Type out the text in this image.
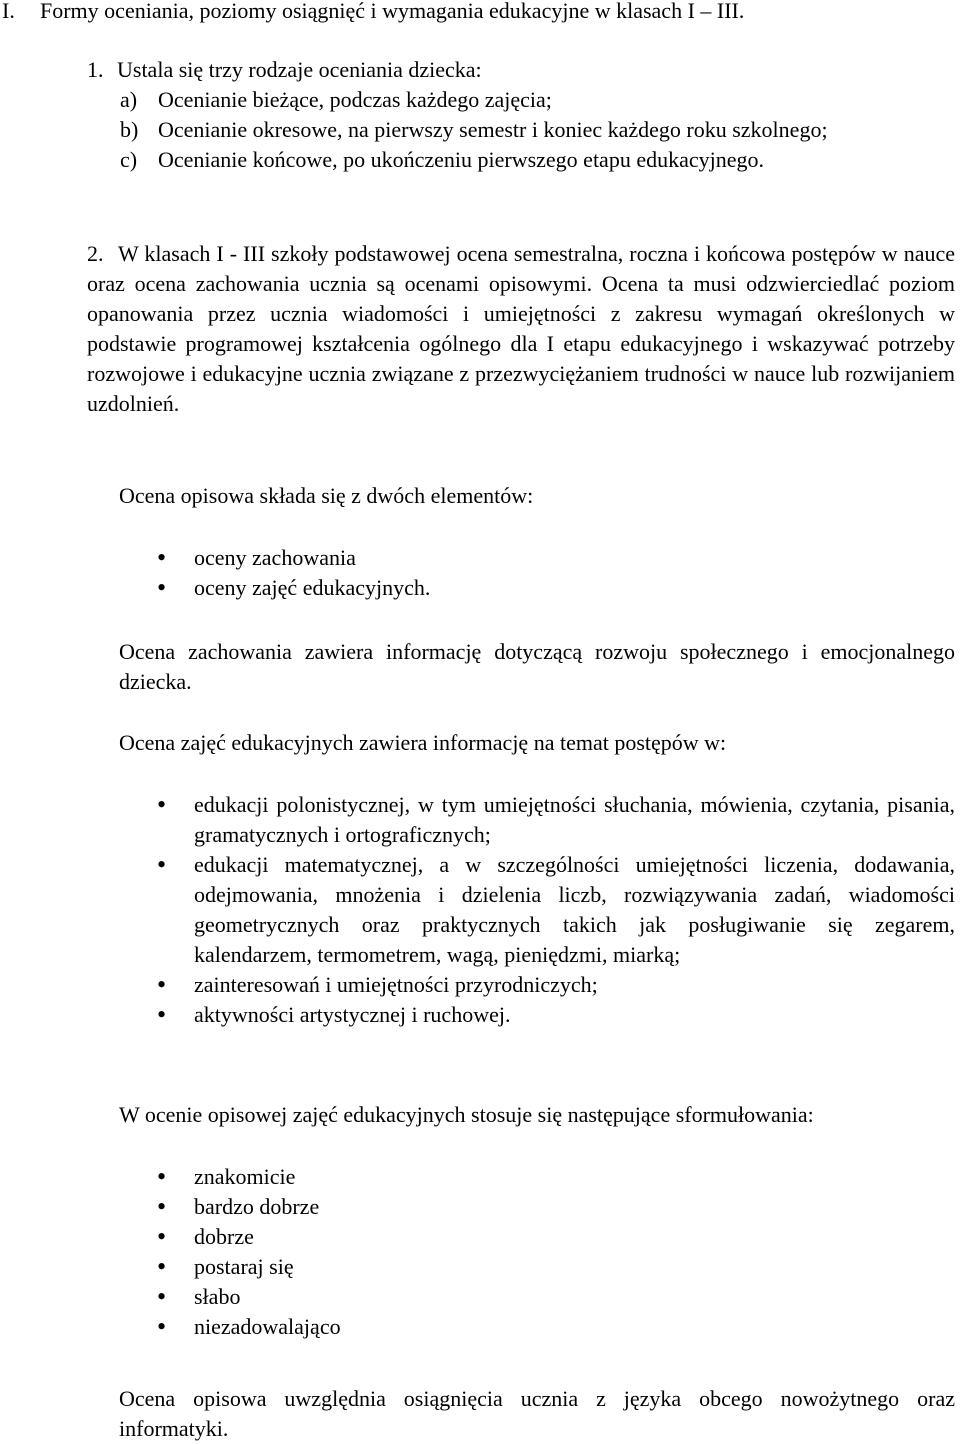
I. Formy oceniania, poziomy osiągnięć i wymagania edukacyjne w klasach I – III.
1. Ustala się trzy rodzaje oceniania dziecka:
a) Ocenianie bieżące, podczas każdego zajęcia;
b) Ocenianie okresowe, na pierwszy semestr i koniec każdego roku szkolnego;
c) Ocenianie końcowe, po ukończeniu pierwszego etapu edukacyjnego.
2. W klasach I - III szkoły podstawowej ocena semestralna, roczna i końcowa postępów w nauce oraz ocena zachowania ucznia są ocenami opisowymi. Ocena ta musi odzwierciedlać poziom opanowania przez ucznia wiadomości i umiejętności z zakresu wymagań określonych w podstawie programowej kształcenia ogólnego dla I etapu edukacyjnego i wskazywać potrzeby rozwojowe i edukacyjne ucznia związane z przezwyciężaniem trudności w nauce lub rozwijaniem uzdolnień.

Ocena opisowa składa się z dwóch elementów:

• oceny zachowania
• oceny zajęć edukacyjnych.

Ocena zachowania zawiera informację dotyczącą rozwoju społecznego i emocjonalnego dziecka.

Ocena zajęć edukacyjnych zawiera informację na temat postępów w:

• edukacji polonistycznej, w tym umiejętności słuchania, mówienia, czytania, pisania, gramatycznych i ortograficznych;
• edukacji matematycznej, a w szczególności umiejętności liczenia, dodawania, odejmowania, mnożenia i dzielenia liczb, rozwiązywania zadań, wiadomości geometrycznych oraz praktycznych takich jak posługiwanie się zegarem, kalendarzem, termometrem, wagą, pieniędzmi, miarką;
• zainteresowań i umiejętności przyrodniczych;
• aktywności artystycznej i ruchowej.

W ocenie opisowej zajęć edukacyjnych stosuje się następujące sformułowania:

• znakomicie
• bardzo dobrze
• dobrze
• postaraj się
• słabo
• niezadowalająco

Ocena opisowa uwzględnia osiągnięcia ucznia z języka obcego nowożytnego oraz informatyki.
